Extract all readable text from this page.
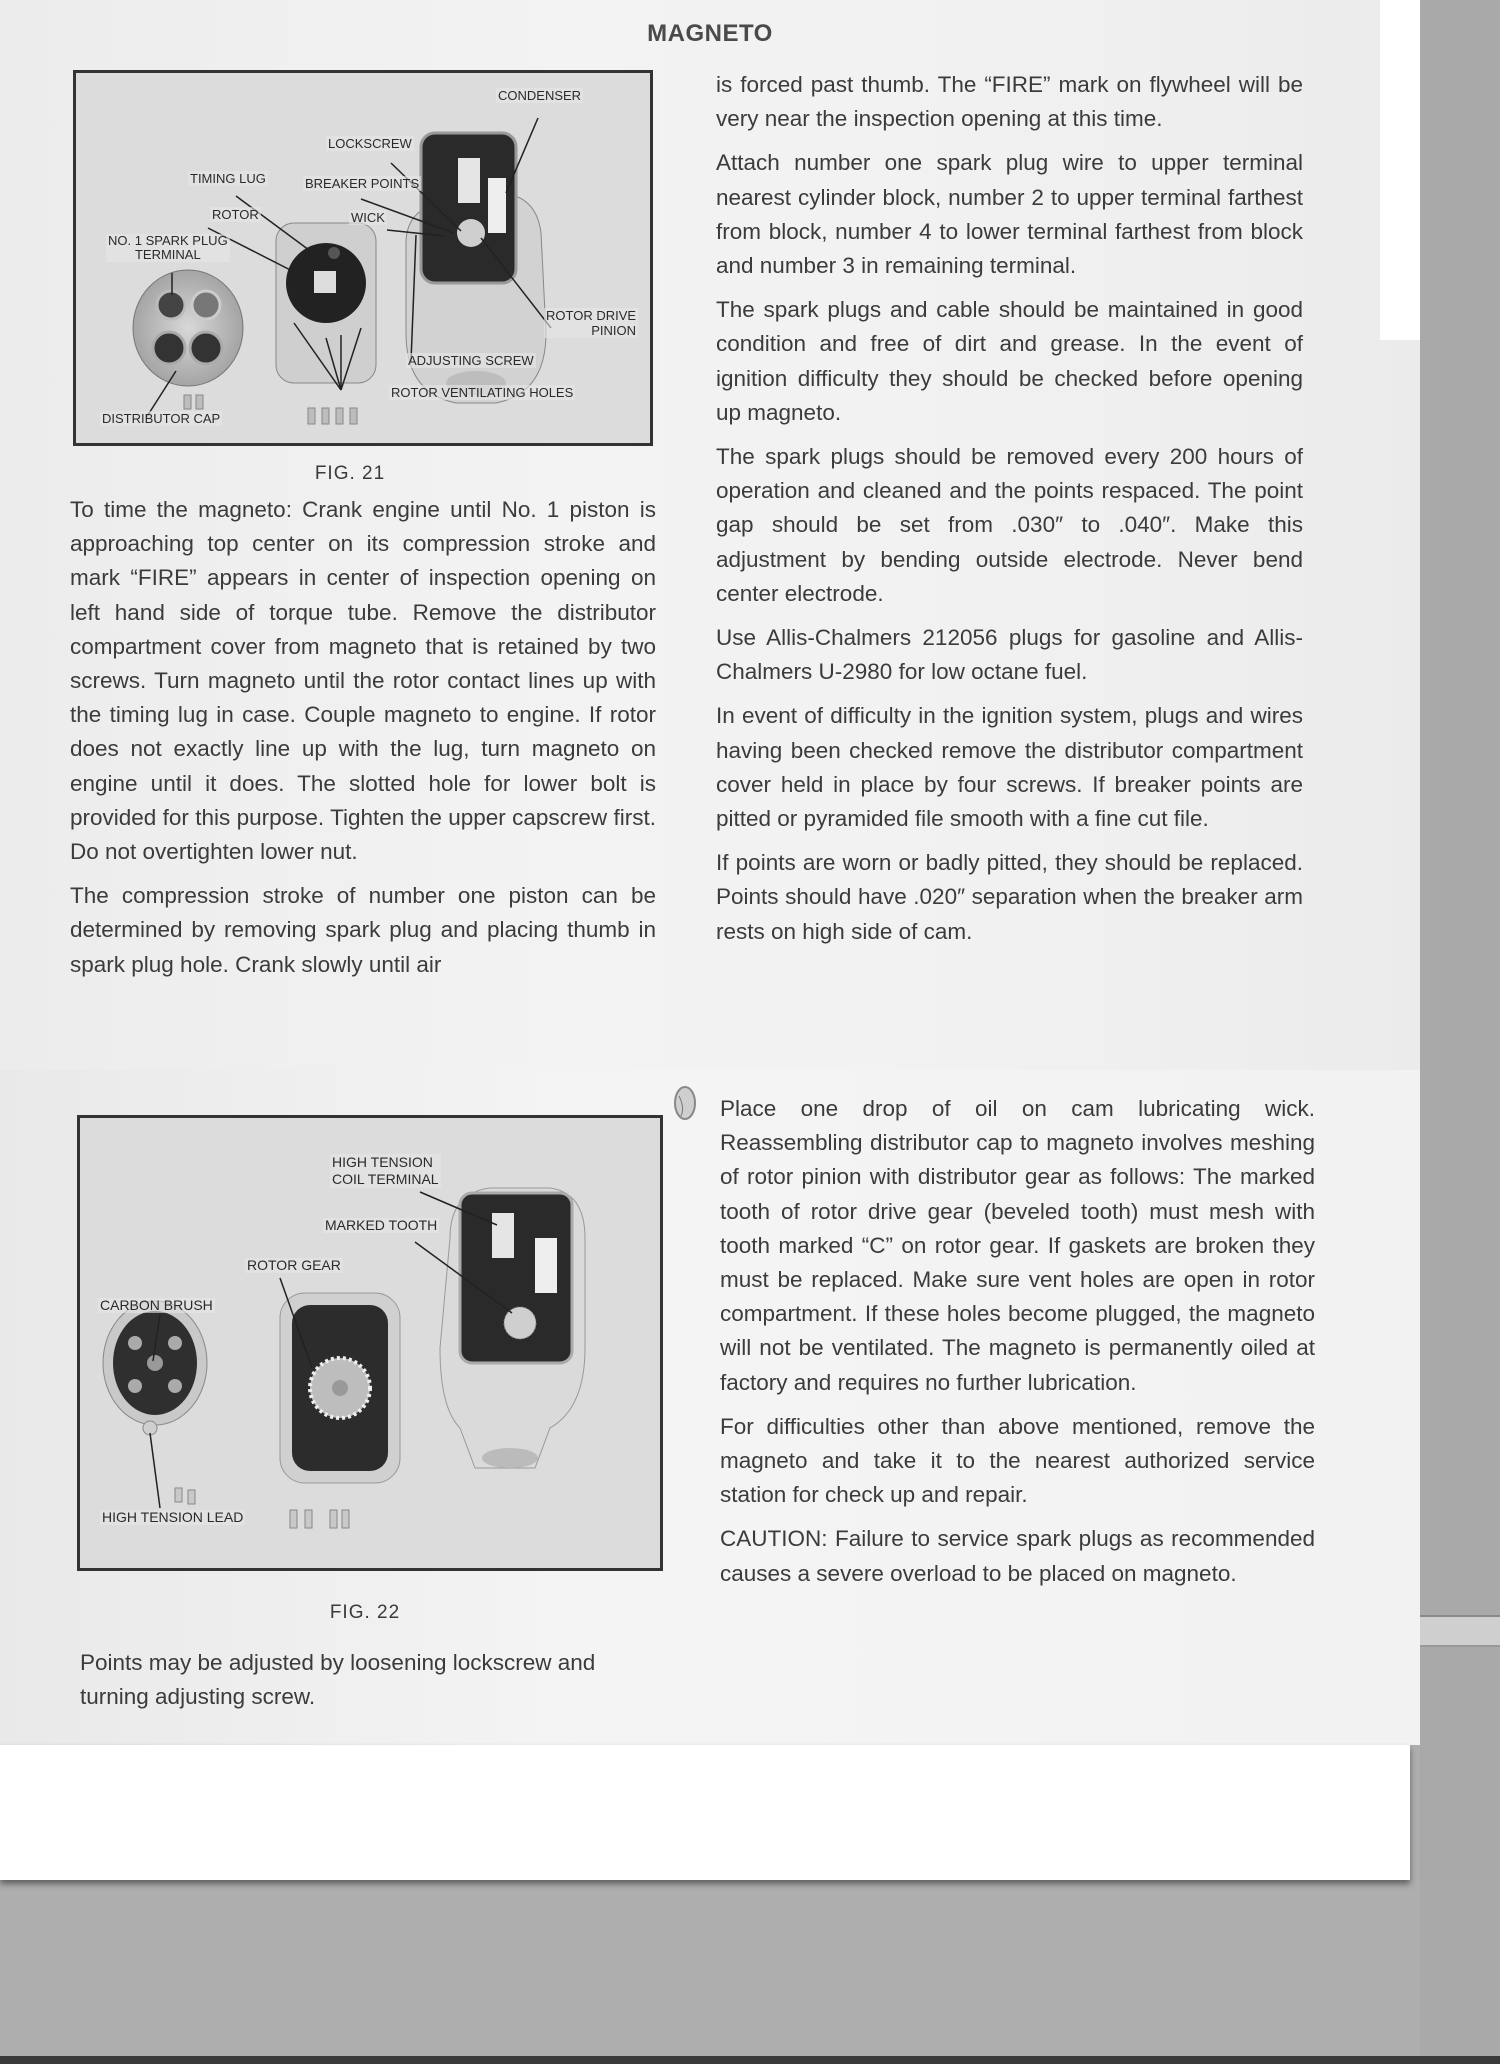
MAGNETO
CONDENSER
LOCKSCREW
TIMING LUG	BREAKER POINTS
ROTOR	WICK
NO. 1 SPARK PLUG
TERMINAL
ROTOR DRIVE
PINION
ADJUSTING SCREW
ROTOR VENTILATING HOLES
DISTRIBUTOR CAP
FIG. 21

To time the magneto: Crank engine until No. 1 piston is approaching top center on its compression stroke and mark “FIRE” appears in center of inspection opening on left hand side of torque tube. Remove the distributor compartment cover from magneto that is retained by two screws. Turn magneto until the rotor contact lines up with the timing lug in case. Couple magneto to engine. If rotor does not exactly line up with the lug, turn magneto on engine until it does. The slotted hole for lower bolt is provided for this purpose. Tighten the upper capscrew first. Do not overtighten lower nut.

The compression stroke of number one piston can be determined by removing spark plug and placing thumb in spark plug hole. Crank slowly until air

is forced past thumb. The “FIRE” mark on flywheel will be very near the inspection opening at this time.

Attach number one spark plug wire to upper terminal nearest cylinder block, number 2 to upper terminal farthest from block, number 4 to lower terminal farthest from block and number 3 in remaining terminal.

The spark plugs and cable should be maintained in good condition and free of dirt and grease. In the event of ignition difficulty they should be checked before opening up magneto.

The spark plugs should be removed every 200 hours of operation and cleaned and the points respaced. The point gap should be set from .030″ to .040″. Make this adjustment by bending outside electrode. Never bend center electrode.

Use Allis-Chalmers 212056 plugs for gasoline and Allis-Chalmers U-2980 for low octane fuel.

In event of difficulty in the ignition system, plugs and wires having been checked remove the distributor compartment cover held in place by four screws. If breaker points are pitted or pyramided file smooth with a fine cut file.

If points are worn or badly pitted, they should be replaced. Points should have .020″ separation when the breaker arm rests on high side of cam.

HIGH TENSION
COIL TERMINAL
MARKED TOOTH
ROTOR GEAR
CARBON BRUSH
HIGH TENSION LEAD
FIG. 22

Points may be adjusted by loosening lockscrew and turning adjusting screw.

Place one drop of oil on cam lubricating wick. Reassembling distributor cap to magneto involves meshing of rotor pinion with distributor gear as follows: The marked tooth of rotor drive gear (beveled tooth) must mesh with tooth marked “C” on rotor gear. If gaskets are broken they must be replaced. Make sure vent holes are open in rotor compartment. If these holes become plugged, the magneto will not be ventilated. The magneto is permanently oiled at factory and requires no further lubrication.

For difficulties other than above mentioned, remove the magneto and take it to the nearest authorized service station for check up and repair.

CAUTION: Failure to service spark plugs as recommended causes a severe overload to be placed on magneto.
